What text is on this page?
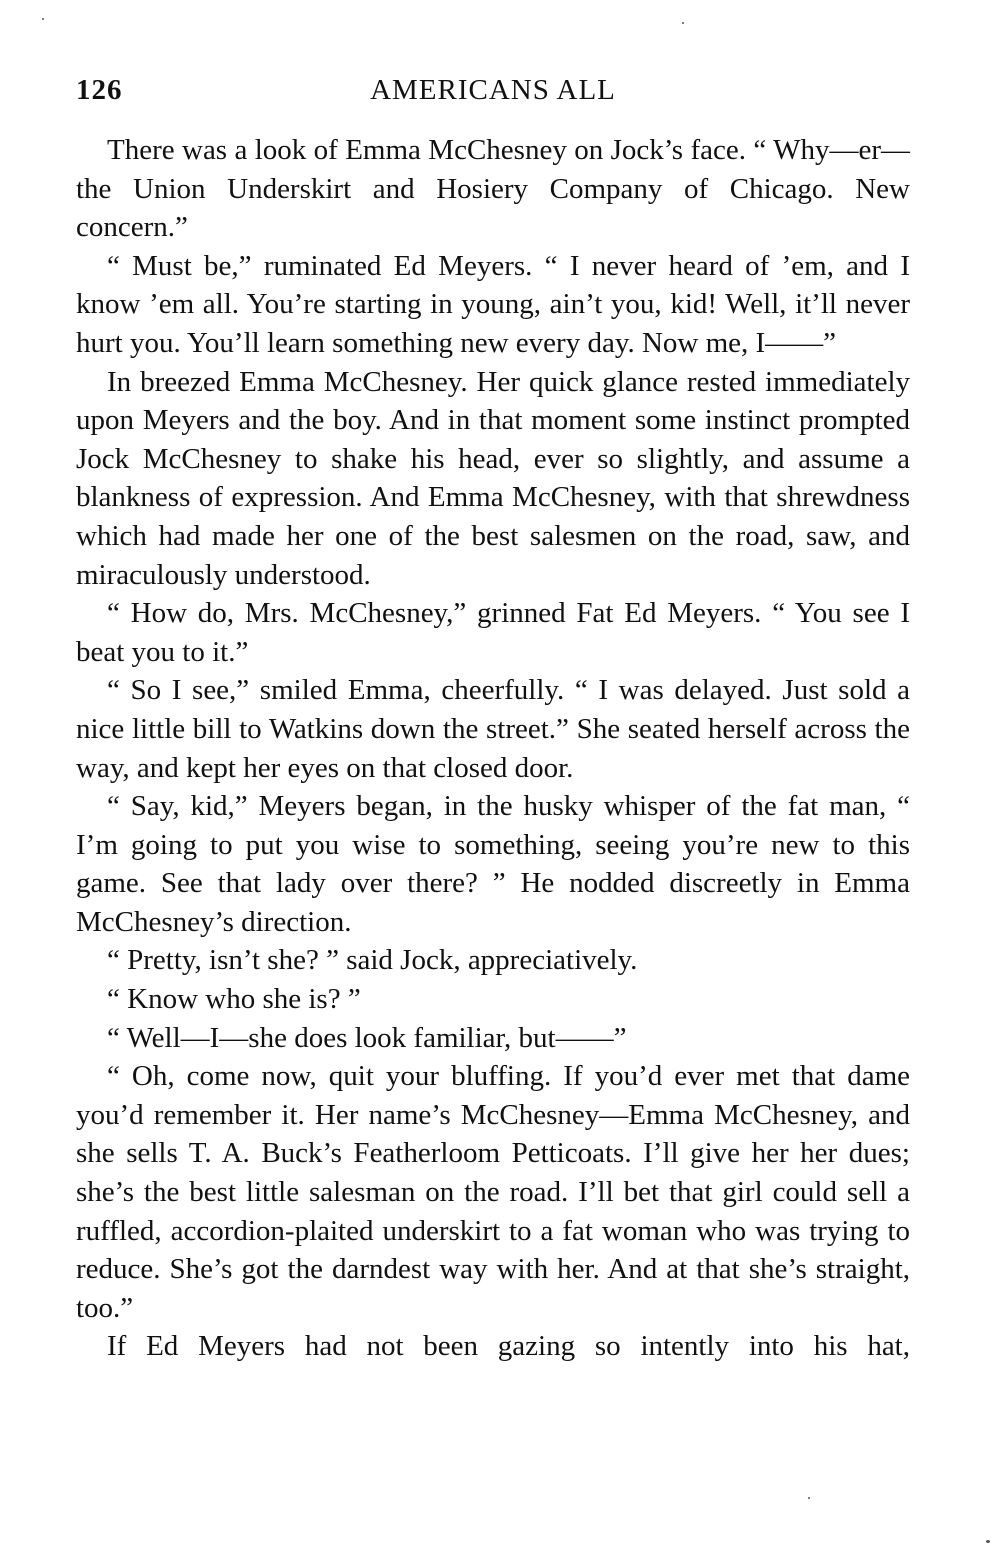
126	AMERICANS ALL

There was a look of Emma McChesney on Jock’s face. “ Why—er—the Union Underskirt and Hosiery Company of Chicago. New concern.”

“ Must be,” ruminated Ed Meyers. “ I never heard of ’em, and I know ’em all. You’re starting in young, ain’t you, kid! Well, it’ll never hurt you. You’ll learn something new every day. Now me, I——”

In breezed Emma McChesney. Her quick glance rested immediately upon Meyers and the boy. And in that moment some instinct prompted Jock McChesney to shake his head, ever so slightly, and assume a blankness of expression. And Emma McChesney, with that shrewdness which had made her one of the best salesmen on the road, saw, and miraculously understood.

“ How do, Mrs. McChesney,” grinned Fat Ed Meyers. “ You see I beat you to it.”

“ So I see,” smiled Emma, cheerfully. “ I was delayed. Just sold a nice little bill to Watkins down the street.” She seated herself across the way, and kept her eyes on that closed door.

“ Say, kid,” Meyers began, in the husky whisper of the fat man, “ I’m going to put you wise to something, seeing you’re new to this game. See that lady over there? ” He nodded discreetly in Emma McChesney’s direction.

“ Pretty, isn’t she? ” said Jock, appreciatively.

“ Know who she is? ”

“ Well—I—she does look familiar, but——”

“ Oh, come now, quit your bluffing. If you’d ever met that dame you’d remember it. Her name’s McChesney—Emma McChesney, and she sells T. A. Buck’s Featherloom Petticoats. I’ll give her her dues; she’s the best little salesman on the road. I’ll bet that girl could sell a ruffled, accordion-plaited underskirt to a fat woman who was trying to reduce. She’s got the darndest way with her. And at that she’s straight, too.”

If Ed Meyers had not been gazing so intently into his hat,
